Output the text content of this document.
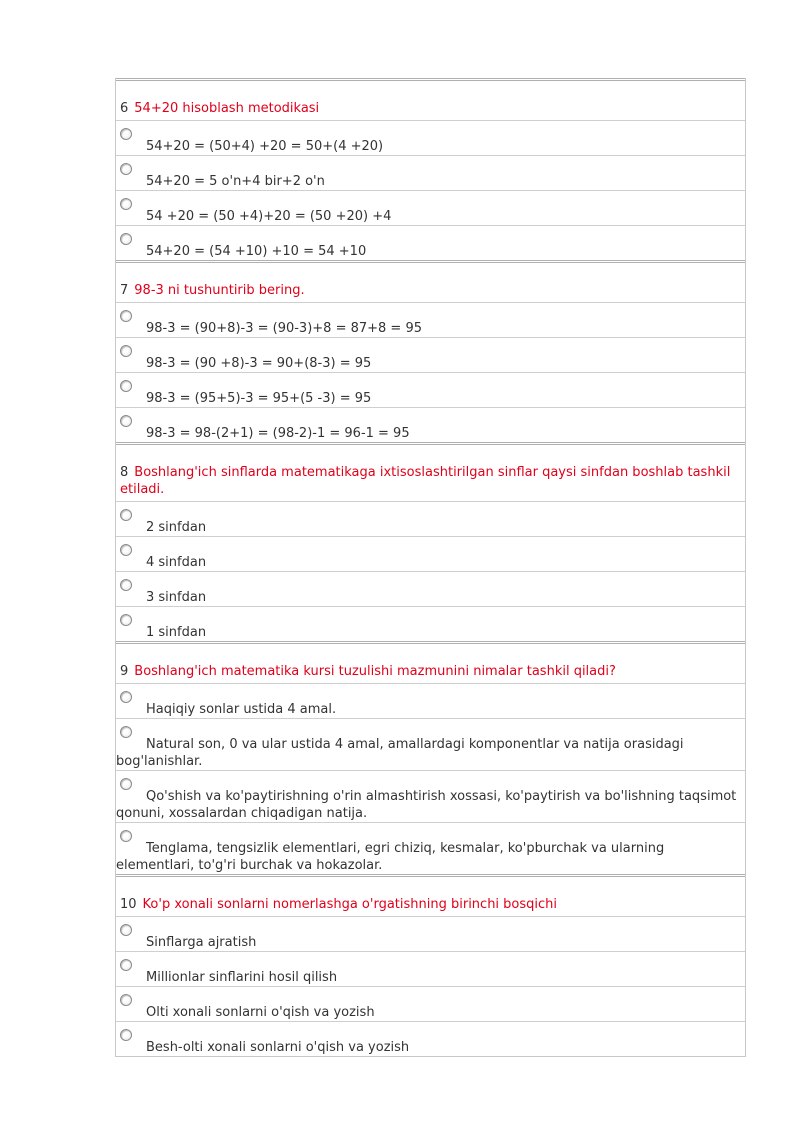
6 54+20 hisoblash metodikasi
54+20 = (50+4) +20 = 50+(4 +20)
54+20 = 5 o'n+4 bir+2 o'n
54 +20 = (50 +4)+20 = (50 +20) +4
54+20 = (54 +10) +10 = 54 +10
7 98-3 ni tushuntirib bering.
98-3 = (90+8)-3 = (90-3)+8 = 87+8 = 95
98-3 = (90 +8)-3 = 90+(8-3) = 95
98-3 = (95+5)-3 = 95+(5 -3) = 95
98-3 = 98-(2+1) = (98-2)-1 = 96-1 = 95
8 Boshlang'ich sinflarda matematikaga ixtisoslashtirilgan sinflar qaysi sinfdan boshlab tashkil etiladi.
2 sinfdan
4 sinfdan
3 sinfdan
1 sinfdan
9 Boshlang'ich matematika kursi tuzulishi mazmunini nimalar tashkil qiladi?
Haqiqiy sonlar ustida 4 amal.
Natural son, 0 va ular ustida 4 amal, amallardagi komponentlar va natija orasidagi bog'lanishlar.
Qo'shish va ko'paytirishning o'rin almashtirish xossasi, ko'paytirish va bo'lishning taqsimot qonuni, xossalardan chiqadigan natija.
Tenglama, tengsizlik elementlari, egri chiziq, kesmalar, ko'pburchak va ularning elementlari, to'g'ri burchak va hokazolar.
10 Ko'p xonali sonlarni nomerlashga o'rgatishning birinchi bosqichi
Sinflarga ajratish
Millionlar sinflarini hosil qilish
Olti xonali sonlarni o'qish va yozish
Besh-olti xonali sonlarni o'qish va yozish
